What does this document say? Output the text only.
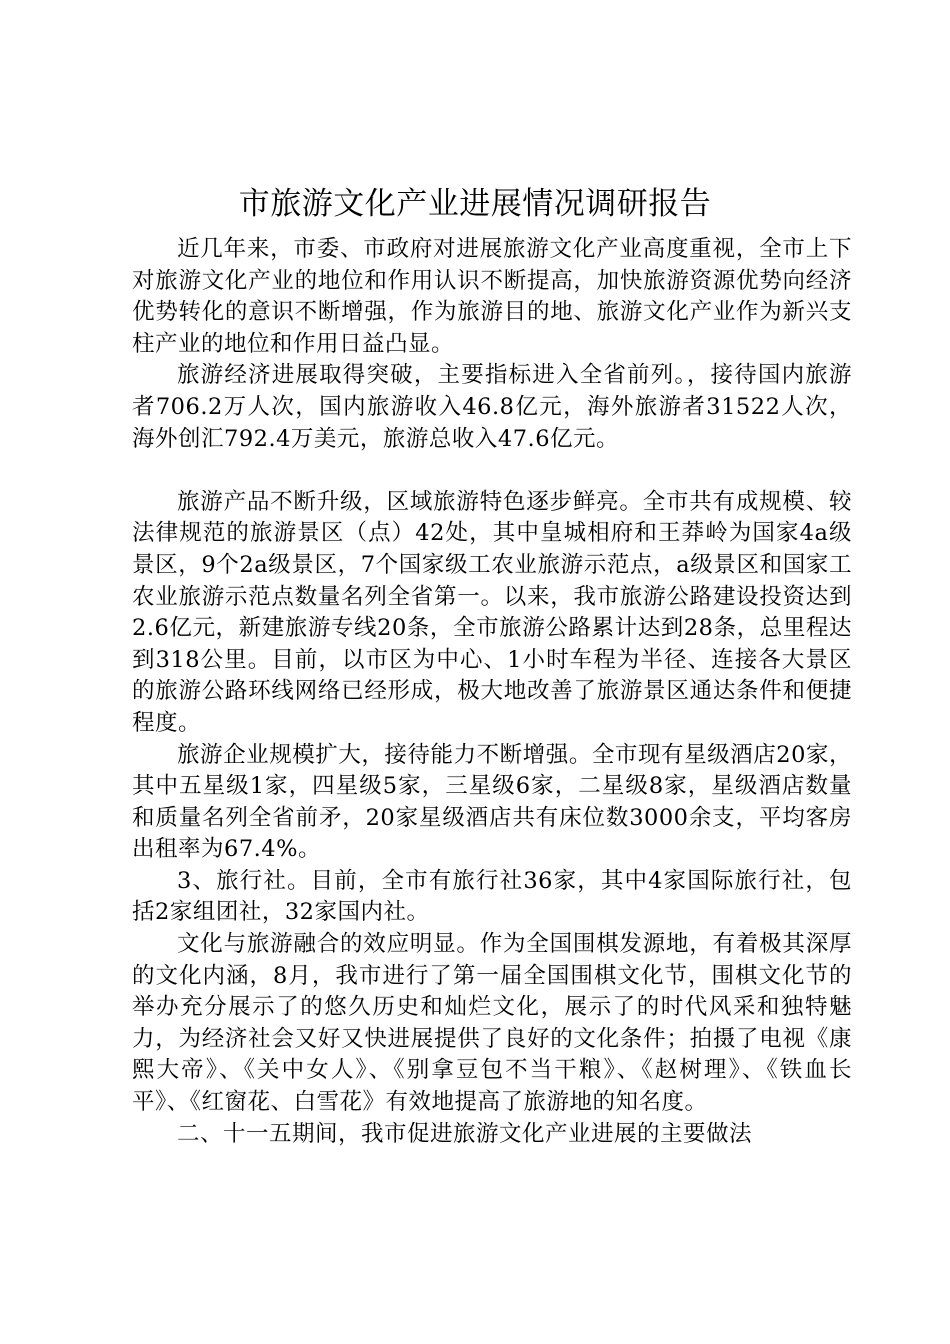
市旅游文化产业进展情况调研报告

近几年来，市委、市政府对进展旅游文化产业高度重视，全市上下对旅游文化产业的地位和作用认识不断提高，加快旅游资源优势向经济优势转化的意识不断增强，作为旅游目的地、旅游文化产业作为新兴支柱产业的地位和作用日益凸显。

旅游经济进展取得突破，主要指标进入全省前列。，接待国内旅游者706.2万人次，国内旅游收入46.8亿元，海外旅游者31522人次，海外创汇792.4万美元，旅游总收入47.6亿元。

旅游产品不断升级，区域旅游特色逐步鲜亮。全市共有成规模、较法律规范的旅游景区（点）42处，其中皇城相府和王莽岭为国家4a级景区，9个2a级景区，7个国家级工农业旅游示范点，a级景区和国家工农业旅游示范点数量名列全省第一。以来，我市旅游公路建设投资达到2.6亿元，新建旅游专线20条，全市旅游公路累计达到28条，总里程达到318公里。目前，以市区为中心、1小时车程为半径、连接各大景区的旅游公路环线网络已经形成，极大地改善了旅游景区通达条件和便捷程度。

旅游企业规模扩大，接待能力不断增强。全市现有星级酒店20家，其中五星级1家，四星级5家，三星级6家，二星级8家，星级酒店数量和质量名列全省前矛，20家星级酒店共有床位数3000余支，平均客房出租率为67.4%。

3、旅行社。目前，全市有旅行社36家，其中4家国际旅行社，包括2家组团社，32家国内社。

文化与旅游融合的效应明显。作为全国围棋发源地，有着极其深厚的文化内涵，8月，我市进行了第一届全国围棋文化节，围棋文化节的举办充分展示了的悠久历史和灿烂文化，展示了的时代风采和独特魅力，为经济社会又好又快进展提供了良好的文化条件；拍摄了电视《康熙大帝》、《关中女人》、《别拿豆包不当干粮》、《赵树理》、《铁血长平》、《红窗花、白雪花》有效地提高了旅游地的知名度。

二、十一五期间，我市促进旅游文化产业进展的主要做法
